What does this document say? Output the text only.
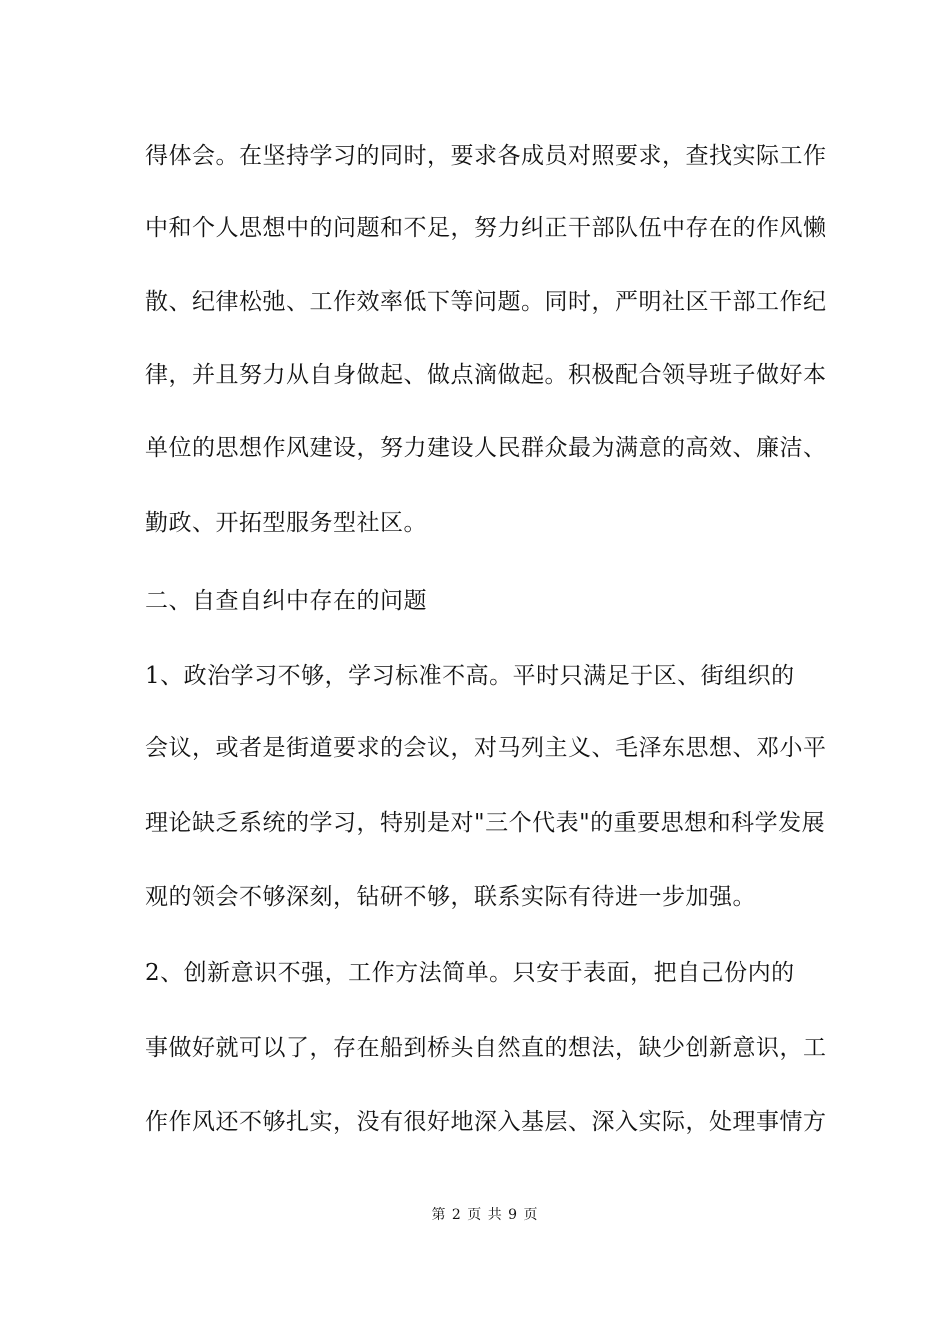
得体会。在坚持学习的同时，要求各成员对照要求，查找实际工作
中和个人思想中的问题和不足，努力纠正干部队伍中存在的作风懒
散、纪律松弛、工作效率低下等问题。同时，严明社区干部工作纪
律，并且努力从自身做起、做点滴做起。积极配合领导班子做好本
单位的思想作风建设，努力建设人民群众最为满意的高效、廉洁、
勤政、开拓型服务型社区。
二、自查自纠中存在的问题
1、政治学习不够，学习标准不高。平时只满足于区、街组织的
会议，或者是街道要求的会议，对马列主义、毛泽东思想、邓小平
理论缺乏系统的学习，特别是对"三个代表"的重要思想和科学发展
观的领会不够深刻，钻研不够，联系实际有待进一步加强。
2、创新意识不强，工作方法简单。只安于表面，把自己份内的
事做好就可以了，存在船到桥头自然直的想法，缺少创新意识，工
作作风还不够扎实，没有很好地深入基层、深入实际，处理事情方
第 2 页 共 9 页
